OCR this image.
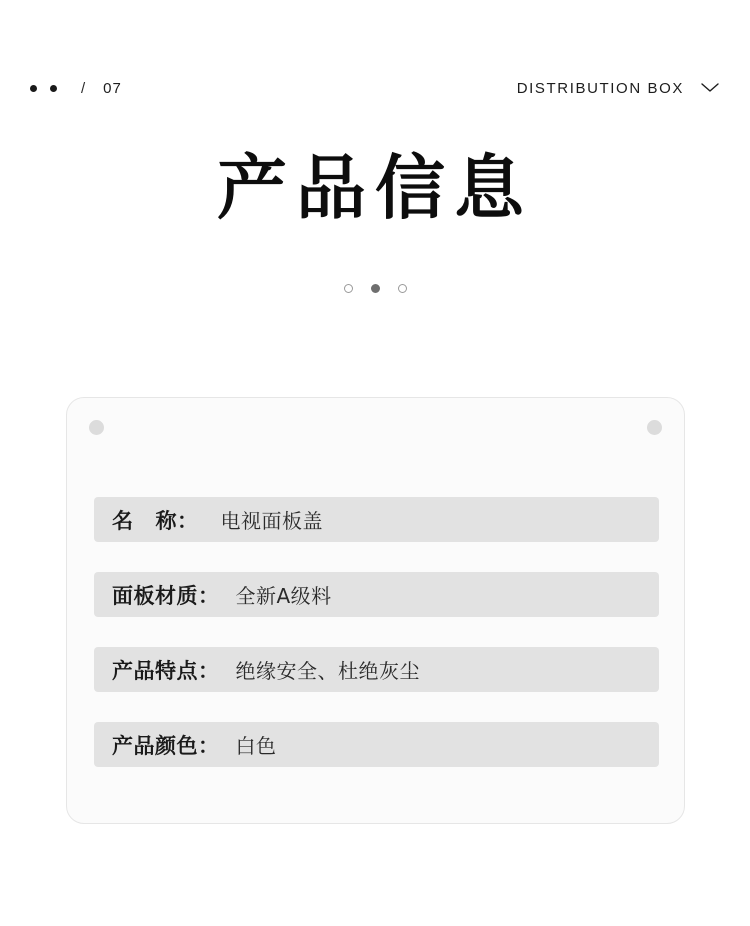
/ 07	DISTRIBUTION BOX
产品信息
名 称： 电视面板盖
面板材质： 全新A级料
产品特点： 绝缘安全、杜绝灰尘
产品颜色： 白色
